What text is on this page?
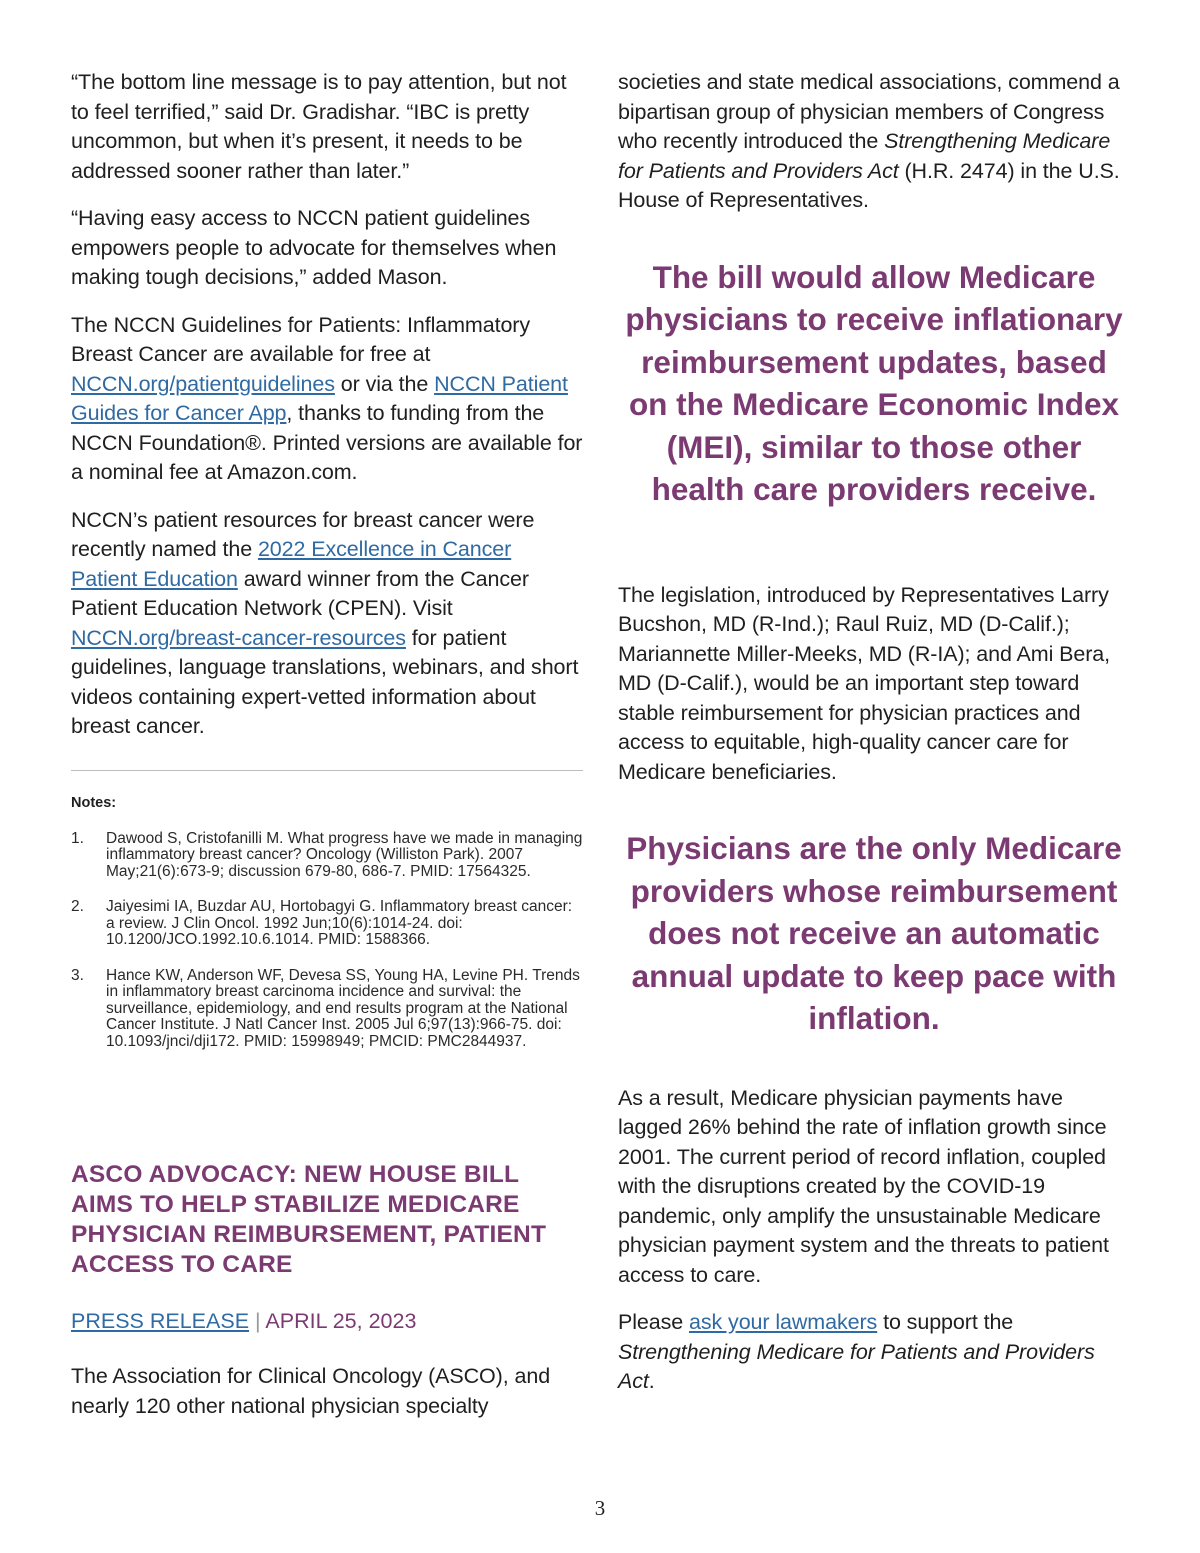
“The bottom line message is to pay attention, but not to feel terrified,” said Dr. Gradishar. “IBC is pretty uncommon, but when it’s present, it needs to be addressed sooner rather than later.”

“Having easy access to NCCN patient guidelines empowers people to advocate for themselves when making tough decisions,” added Mason.

The NCCN Guidelines for Patients: Inflammatory Breast Cancer are available for free at NCCN.org/patientguidelines or via the NCCN Patient Guides for Cancer App, thanks to funding from the NCCN Foundation®. Printed versions are available for a nominal fee at Amazon.com.

NCCN’s patient resources for breast cancer were recently named the 2022 Excellence in Cancer Patient Education award winner from the Cancer Patient Education Network (CPEN). Visit NCCN.org/breast-cancer-resources for patient guidelines, language translations, webinars, and short videos containing expert-vetted information about breast cancer.

Notes:
1.	Dawood S, Cristofanilli M. What progress have we made in managing inflammatory breast cancer? Oncology (Williston Park). 2007 May;21(6):673-9; discussion 679-80, 686-7. PMID: 17564325.
2.	Jaiyesimi IA, Buzdar AU, Hortobagyi G. Inflammatory breast cancer: a review. J Clin Oncol. 1992 Jun;10(6):1014-24. doi: 10.1200/JCO.1992.10.6.1014. PMID: 1588366.
3.	Hance KW, Anderson WF, Devesa SS, Young HA, Levine PH. Trends in inflammatory breast carcinoma incidence and survival: the surveillance, epidemiology, and end results program at the National Cancer Institute. J Natl Cancer Inst. 2005 Jul 6;97(13):966-75. doi: 10.1093/jnci/dji172. PMID: 15998949; PMCID: PMC2844937.
ASCO ADVOCACY: NEW HOUSE BILL AIMS TO HELP STABILIZE MEDICARE PHYSICIAN REIMBURSEMENT, PATIENT ACCESS TO CARE
PRESS RELEASE | APRIL 25, 2023

The Association for Clinical Oncology (ASCO), and nearly 120 other national physician specialty

societies and state medical associations, commend a bipartisan group of physician members of Congress who recently introduced the Strengthening Medicare for Patients and Providers Act (H.R. 2474) in the U.S. House of Representatives.

The bill would allow Medicare physicians to receive inflationary reimbursement updates, based on the Medicare Economic Index (MEI), similar to those other health care providers receive.

The legislation, introduced by Representatives Larry Bucshon, MD (R-Ind.); Raul Ruiz, MD (D-Calif.); Mariannette Miller-Meeks, MD (R-IA); and Ami Bera, MD (D-Calif.), would be an important step toward stable reimbursement for physician practices and access to equitable, high-quality cancer care for Medicare beneficiaries.

Physicians are the only Medicare providers whose reimbursement does not receive an automatic annual update to keep pace with inflation.

As a result, Medicare physician payments have lagged 26% behind the rate of inflation growth since 2001. The current period of record inflation, coupled with the disruptions created by the COVID-19 pandemic, only amplify the unsustainable Medicare physician payment system and the threats to patient access to care.

Please ask your lawmakers to support the Strengthening Medicare for Patients and Providers Act.

3
